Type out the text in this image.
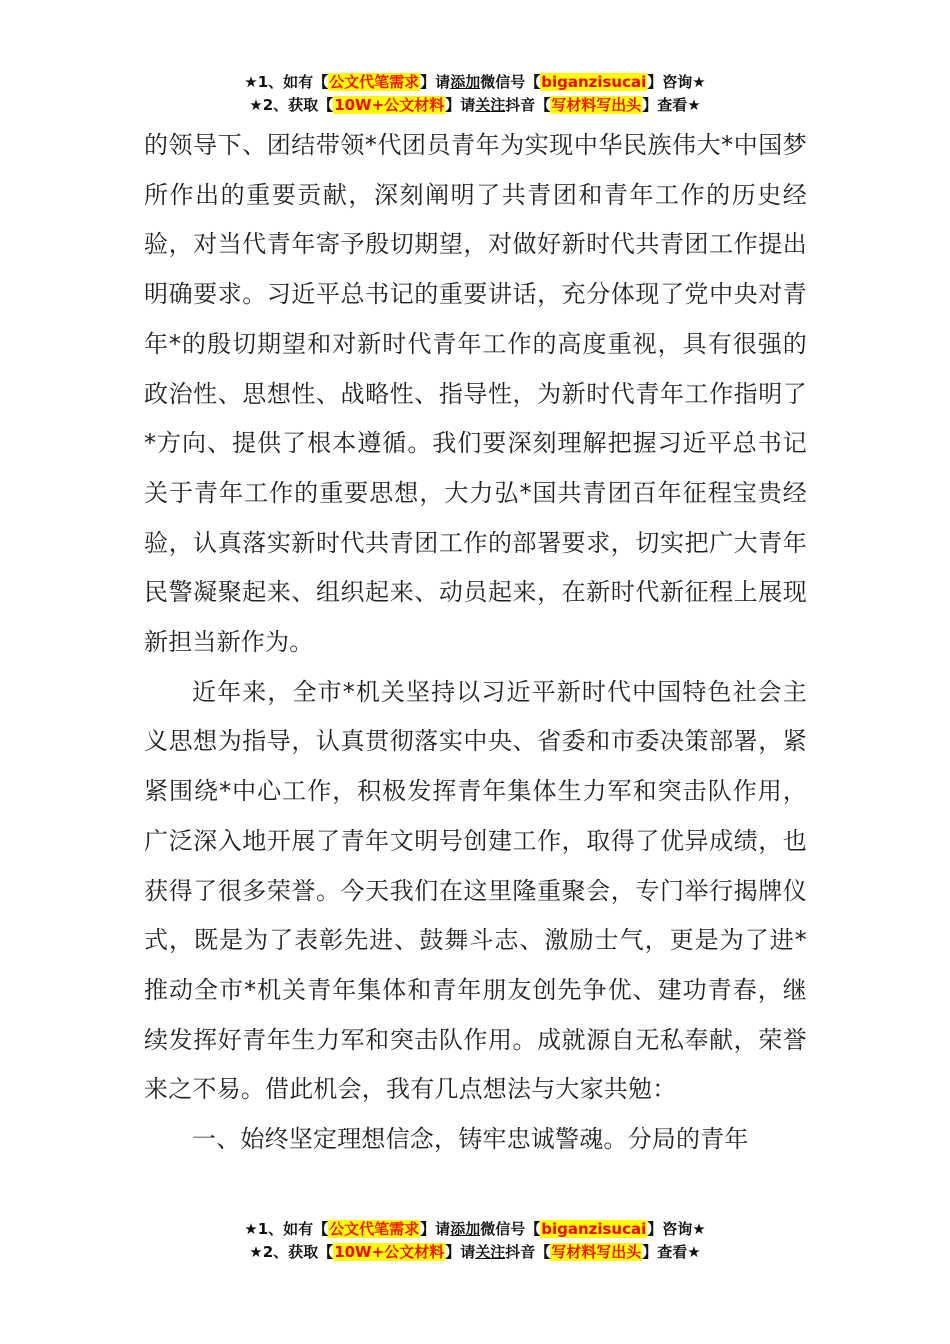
★1、如有【公文代笔需求】请添加微信号【biganzisucai】咨询★
★2、获取【10W+公文材料】请关注抖音【写材料写出头】查看★

的领导下、团结带领*代团员青年为实现中华民族伟大*中国梦所作出的重要贡献，深刻阐明了共青团和青年工作的历史经验，对当代青年寄予殷切期望，对做好新时代共青团工作提出明确要求。习近平总书记的重要讲话，充分体现了党中央对青年*的殷切期望和对新时代青年工作的高度重视，具有很强的政治性、思想性、战略性、指导性，为新时代青年工作指明了*方向、提供了根本遵循。我们要深刻理解把握习近平总书记关于青年工作的重要思想，大力弘*国共青团百年征程宝贵经验，认真落实新时代共青团工作的部署要求，切实把广大青年民警凝聚起来、组织起来、动员起来，在新时代新征程上展现新担当新作为。

近年来，全市*机关坚持以习近平新时代中国特色社会主义思想为指导，认真贯彻落实中央、省委和市委决策部署，紧紧围绕*中心工作，积极发挥青年集体生力军和突击队作用，广泛深入地开展了青年文明号创建工作，取得了优异成绩，也获得了很多荣誉。今天我们在这里隆重聚会，专门举行揭牌仪式，既是为了表彰先进、鼓舞斗志、激励士气，更是为了进*推动全市*机关青年集体和青年朋友创先争优、建功青春，继续发挥好青年生力军和突击队作用。成就源自无私奉献，荣誉来之不易。借此机会，我有几点想法与大家共勉：

一、始终坚定理想信念，铸牢忠诚警魂。分局的青年

★1、如有【公文代笔需求】请添加微信号【biganzisucai】咨询★
★2、获取【10W+公文材料】请关注抖音【写材料写出头】查看★
